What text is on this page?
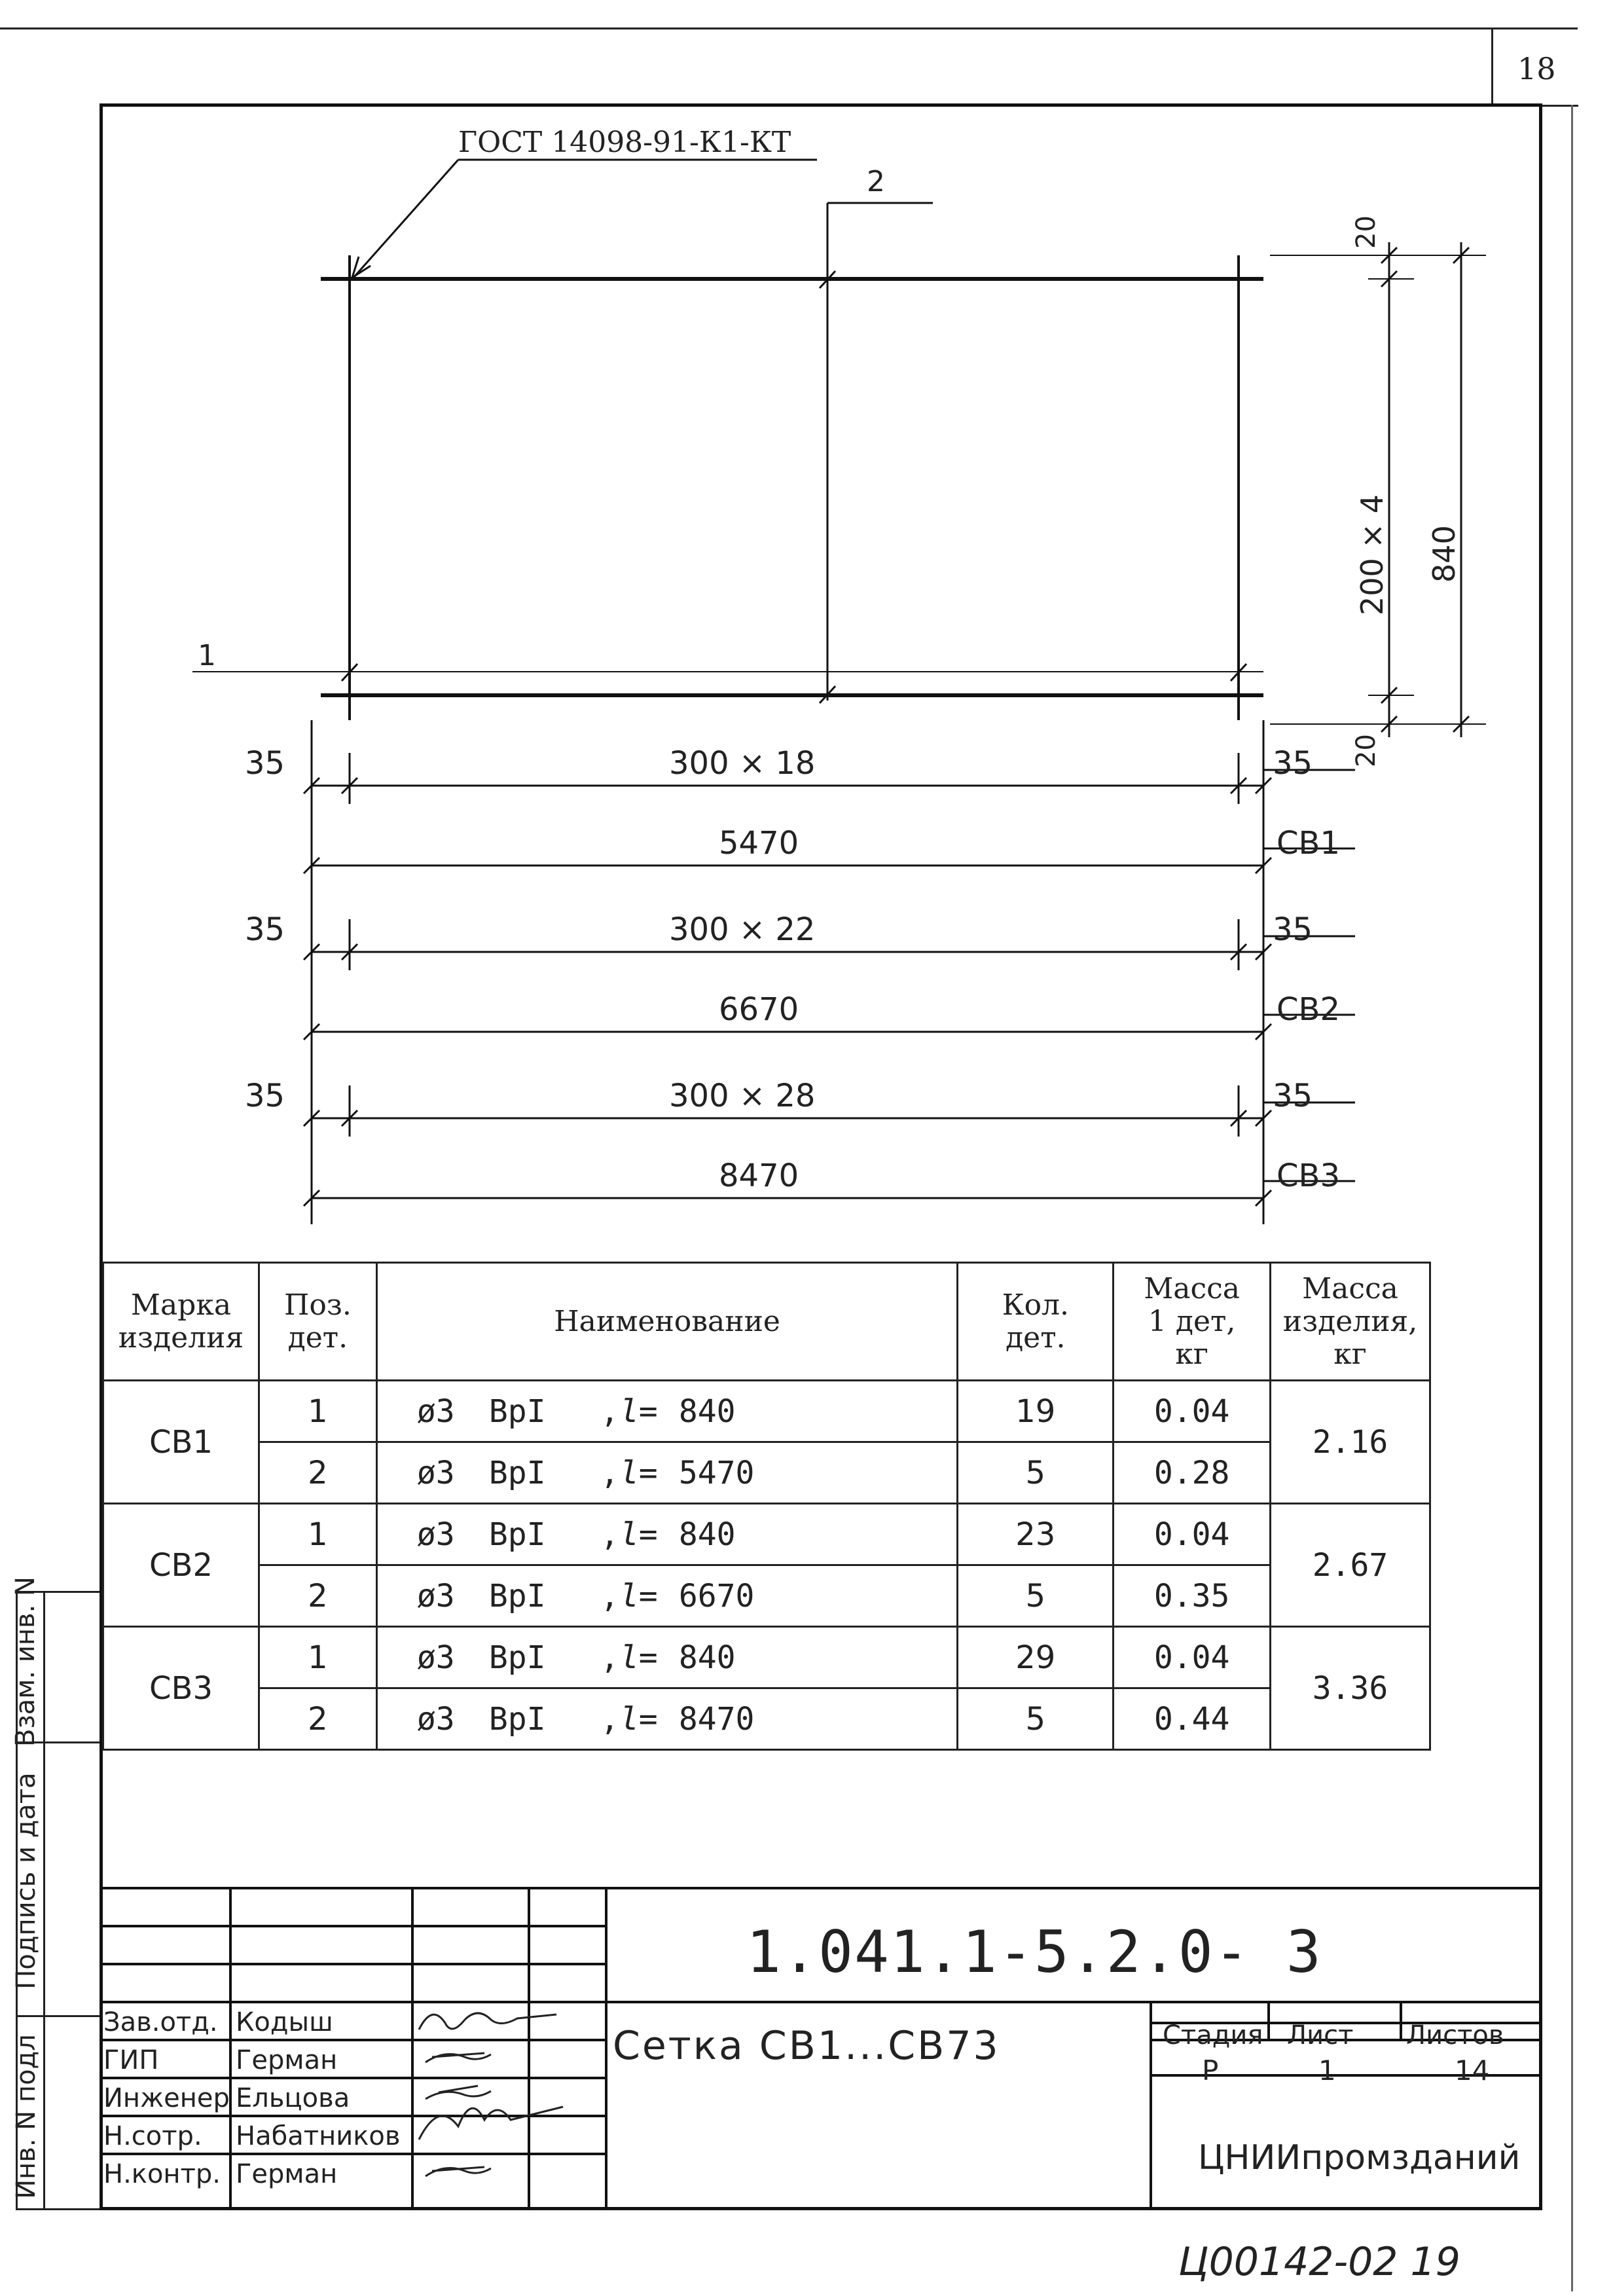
18
ГОСТ 14098-91-К1-КТ
2
1
20
20
200 × 4 840
35	300 × 18	35
5470	СВ1
35	300 × 22	35
6670	СВ2
35	300 × 28	35
8470	СВ3
Марка изделия	Поз. дет.	Наименование	Кол. дет.	Масса 1 дет, кг	Масса изделия, кг
СВ1	1	ø3 ВрI ,l= 840	19	0.04	2.16
	2	ø3 ВрI ,l= 5470	5	0.28	
СВ2	1	ø3 ВрI ,l= 840	23	0.04	2.67
	2	ø3 ВрI ,l= 6670	5	0.35	
СВ3	1	ø3 ВрI ,l= 840	29	0.04	3.36
	2	ø3 ВрI ,l= 8470	5	0.44	
Взам. инв. N
Подпись и дата
Инв. N подл
1.041.1-5.2.0- 3
Сетка СВ1...СВ73	Стадия Лист Листов
Р	1	14
ЦНИИпромзданий
Зав.отд. Кодыш
ГИП	Герман
Инженер Ельцова
Н.сотр. Набатников
Н.контр. Герман
Ц00142-02 19
